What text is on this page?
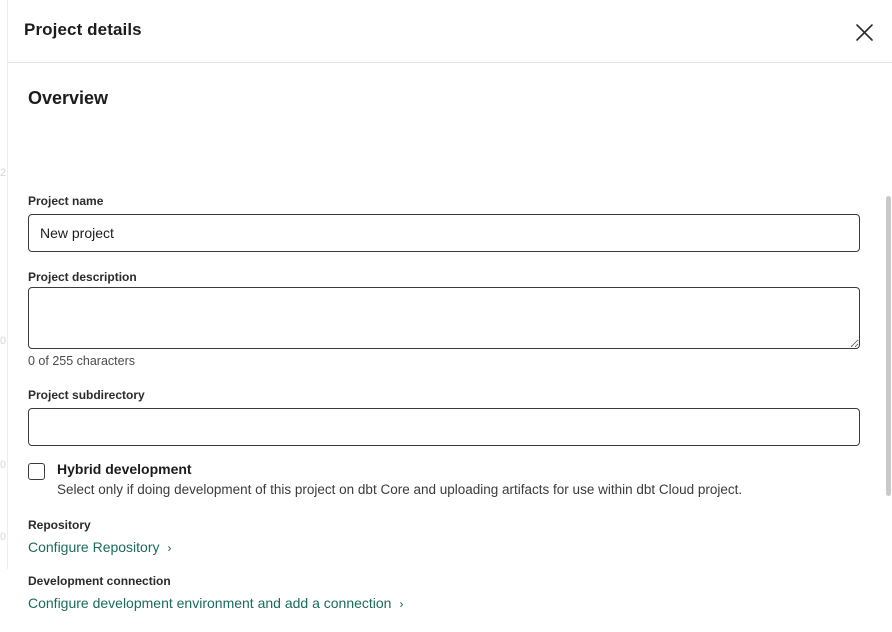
2
0
0
0
Project details
Overview
Project name
New project
Project description
0 of 255 characters
Project subdirectory
Hybrid development
Select only if doing development of this project on dbt Core and uploading artifacts for use within dbt Cloud project.
Repository
Configure Repository ›
Development connection
Configure development environment and add a connection ›
